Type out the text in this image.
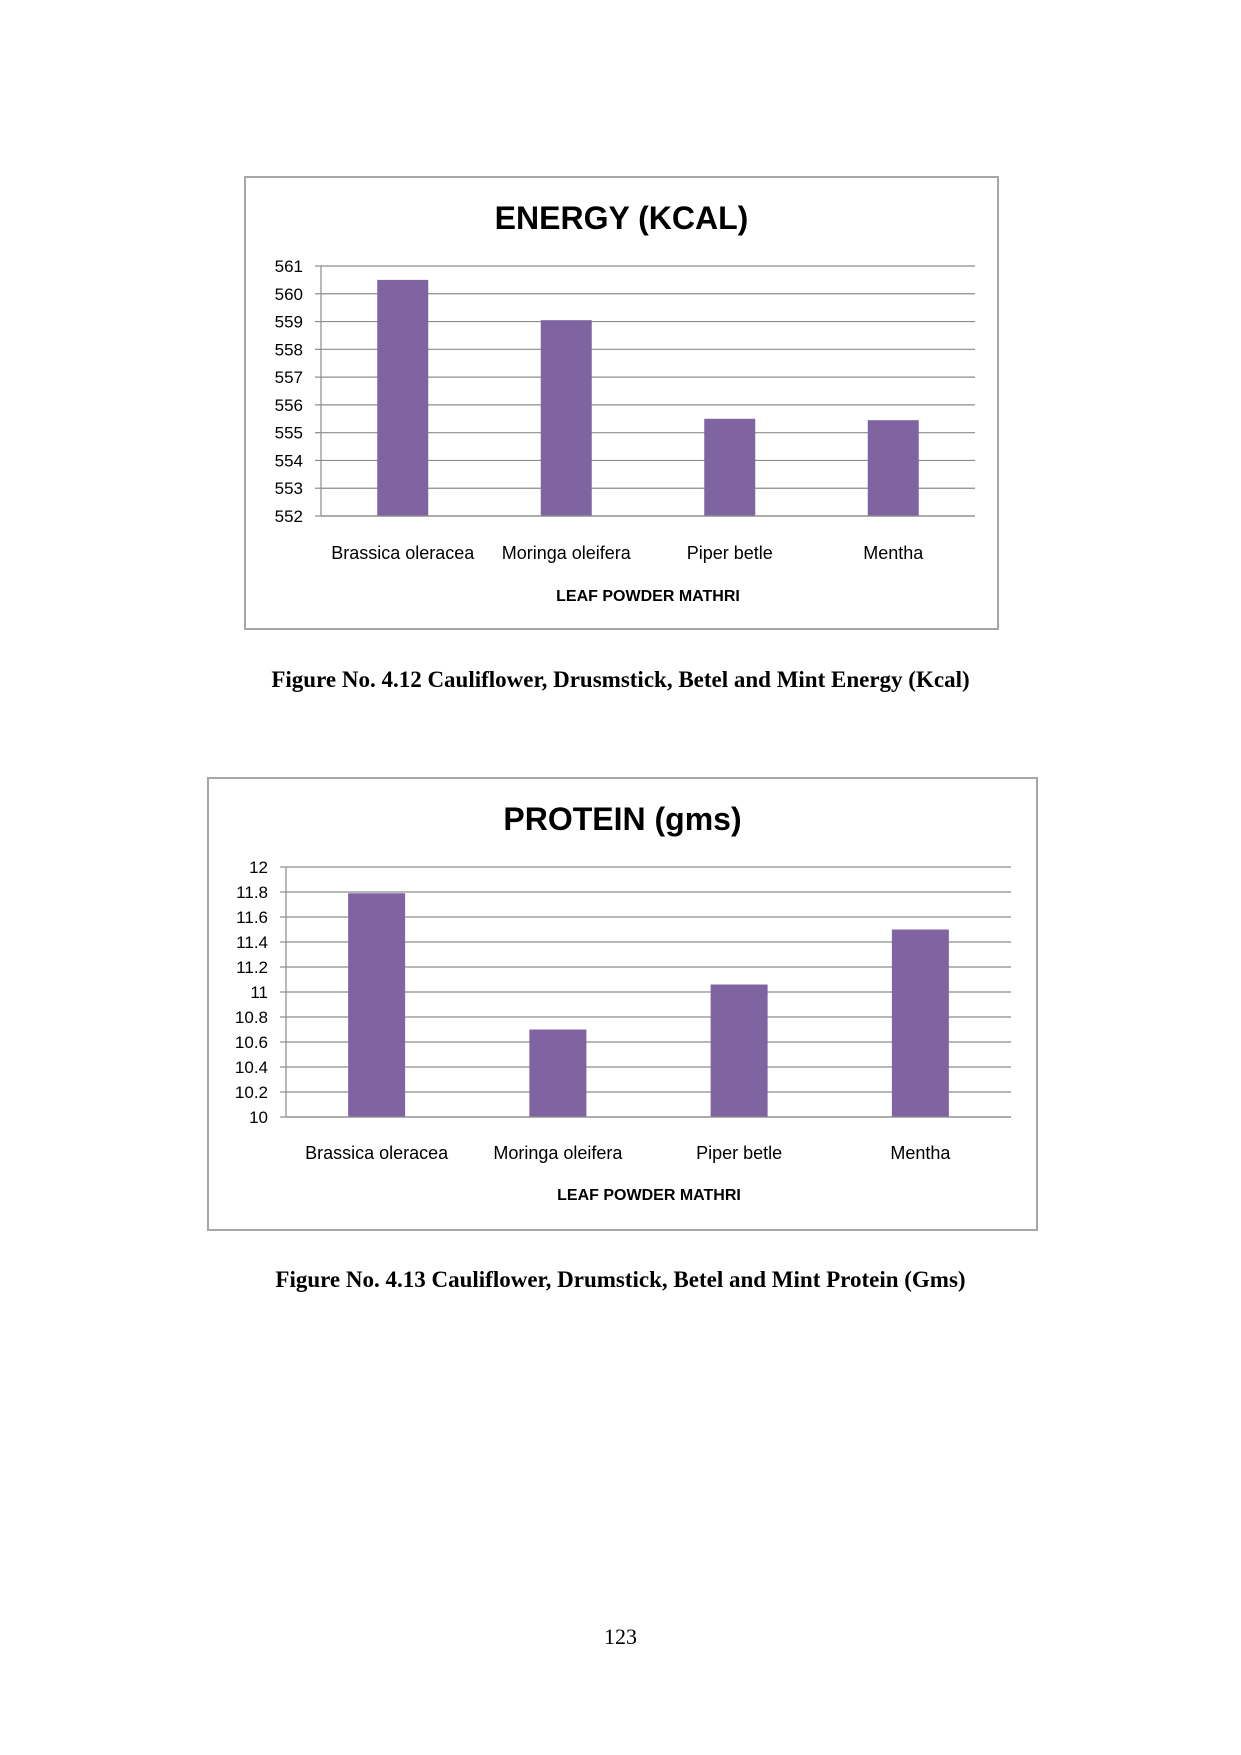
ENERGY (KCAL)
552
553
554
555
556
557
558
559
560
561
Brassica oleracea Moringa oleifera	Piper betle	Mentha
LEAF POWDER MATHRI
Figure No. 4.12 Cauliflower, Drusmstick, Betel and Mint Energy (Kcal)
PROTEIN (gms)
10
10.2
10.4
10.6
10.8
11
11.2
11.4
11.6
11.8
12
Brassica oleracea	Moringa oleifera	Piper betle	Mentha
LEAF POWDER MATHRI
Figure No. 4.13 Cauliflower, Drumstick, Betel and Mint Protein (Gms)
123
